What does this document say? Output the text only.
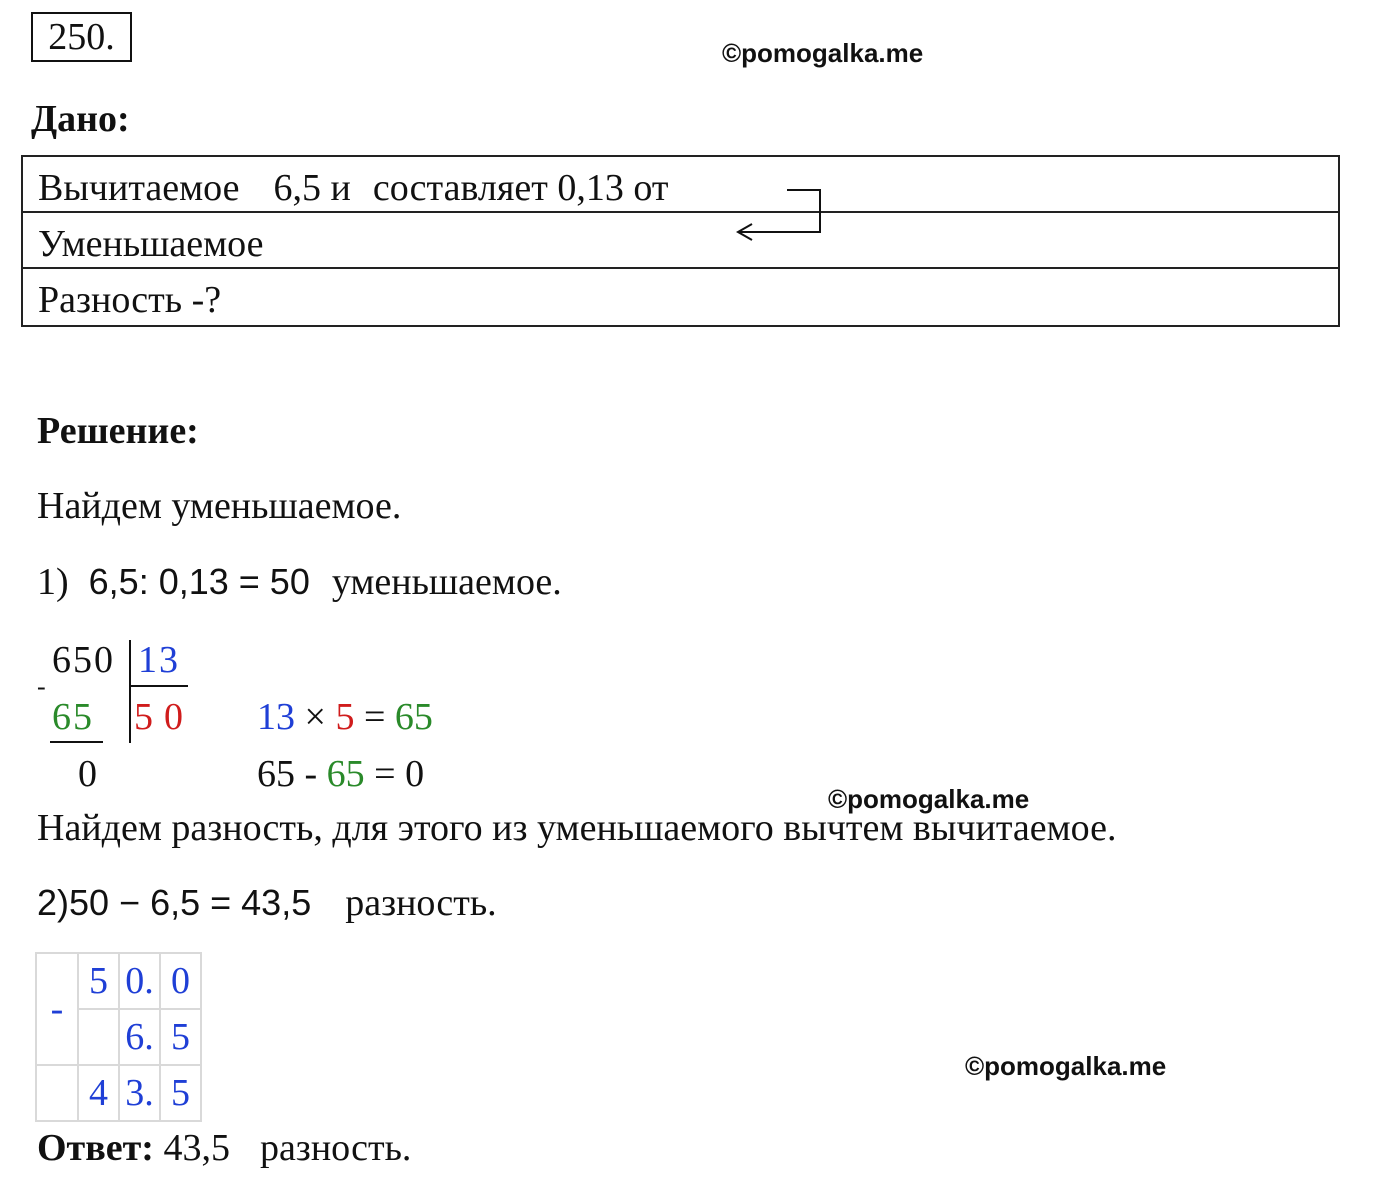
250.	©pomogalka.me
©pomogalka.me
©pomogalka.me
Дано:
Вычитаемое 6,5 и составляет 0,13 от
Уменьшаемое
Разность -?
Решение:
Найдем уменьшаемое.
1) 6,5: 0,13 = 50 уменьшаемое.
650 13
-
65 5 0
0
13 × 5 = 65
65 - 65 = 0
Найдем разность, для этого из уменьшаемого вычтем вычитаемое.
2)50 − 6,5 = 43,5 разность.
-	5	0.	0
		6.	5
	4	3.	5
Ответ: 43,5 разность.
